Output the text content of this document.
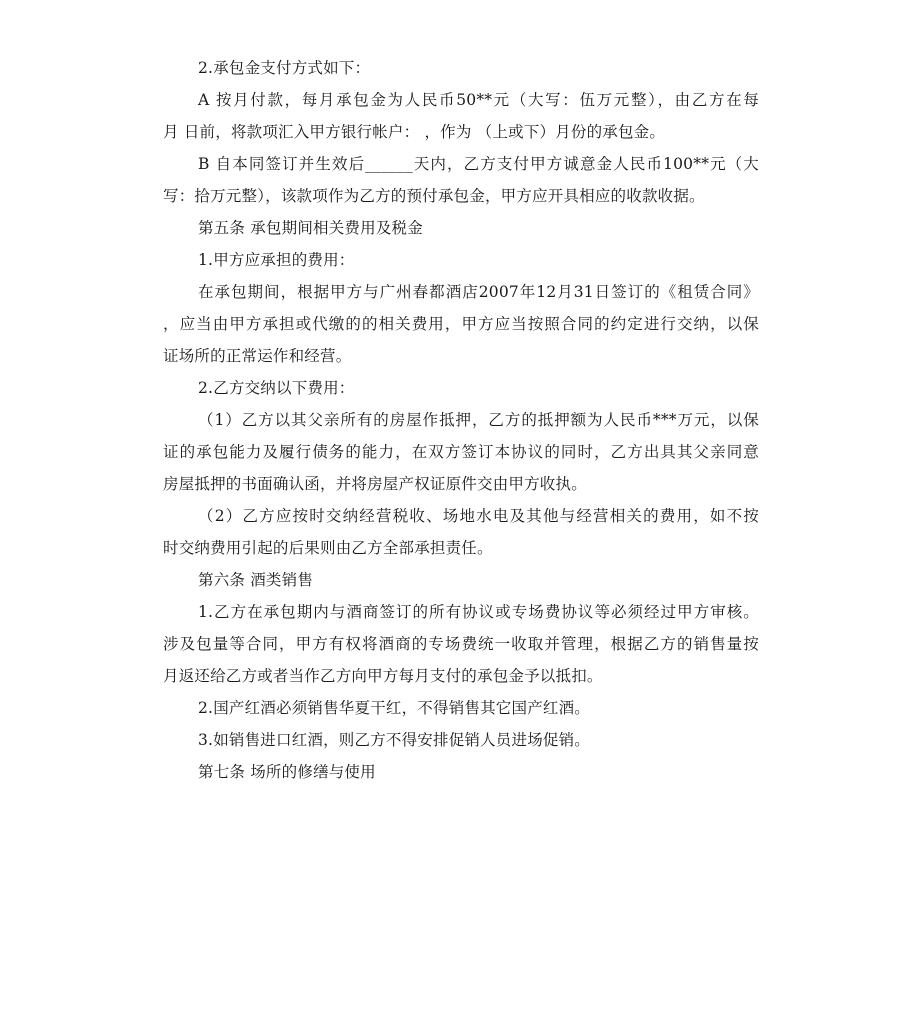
2.承包金支付方式如下：
A 按月付款，每月承包金为人民币50**元（大写：伍万元整），由乙方在每
月 日前，将款项汇入甲方银行帐户： ，作为 （上或下）月份的承包金。
B 自本同签订并生效后______天内，乙方支付甲方诚意金人民币100**元（大
写：拾万元整），该款项作为乙方的预付承包金，甲方应开具相应的收款收据。
第五条 承包期间相关费用及税金
1.甲方应承担的费用：
在承包期间，根据甲方与广州春都酒店2007年12月31日签订的《租赁合同》
，应当由甲方承担或代缴的的相关费用，甲方应当按照合同的约定进行交纳，以保
证场所的正常运作和经营。
2.乙方交纳以下费用：
（1）乙方以其父亲所有的房屋作抵押，乙方的抵押额为人民币***万元，以保
证的承包能力及履行债务的能力，在双方签订本协议的同时，乙方出具其父亲同意
房屋抵押的书面确认函，并将房屋产权证原件交由甲方收执。
（2）乙方应按时交纳经营税收、场地水电及其他与经营相关的费用，如不按
时交纳费用引起的后果则由乙方全部承担责任。
第六条 酒类销售
1.乙方在承包期内与酒商签订的所有协议或专场费协议等必须经过甲方审核。
涉及包量等合同，甲方有权将酒商的专场费统一收取并管理，根据乙方的销售量按
月返还给乙方或者当作乙方向甲方每月支付的承包金予以抵扣。
2.国产红酒必须销售华夏干红，不得销售其它国产红酒。
3.如销售进口红酒，则乙方不得安排促销人员进场促销。
第七条 场所的修缮与使用
